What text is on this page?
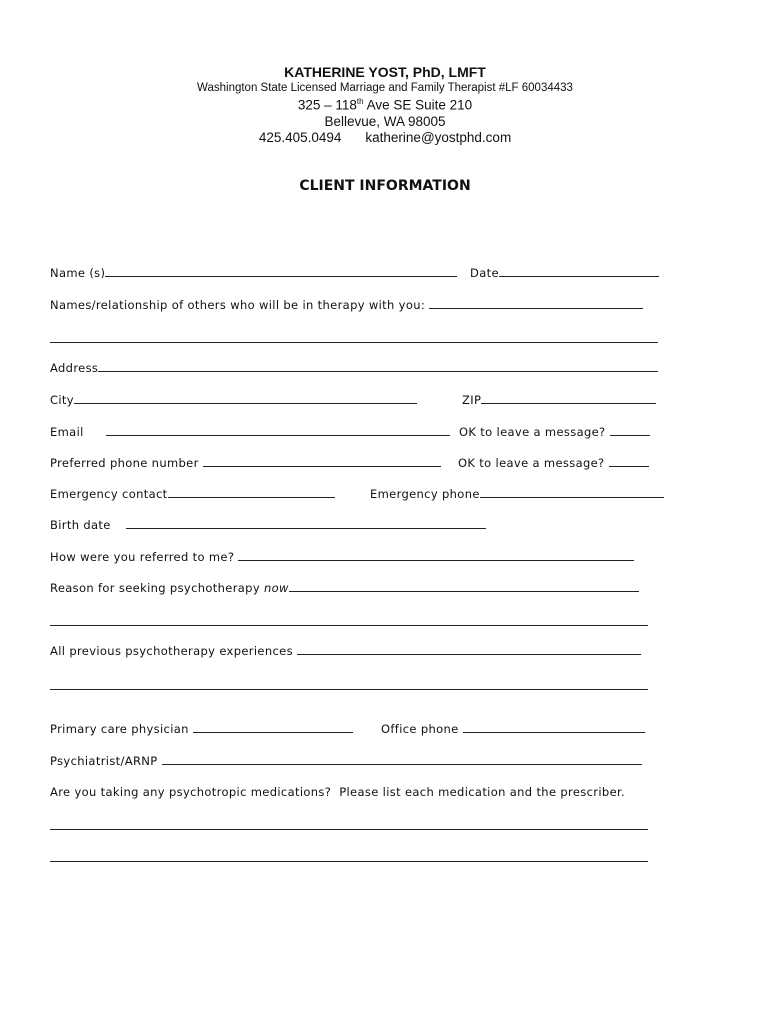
KATHERINE YOST, PhD, LMFT
Washington State Licensed Marriage and Family Therapist #LF 60034433
325 – 118th Ave SE Suite 210
Bellevue, WA 98005
425.405.0494 katherine@yostphd.com
CLIENT INFORMATION
Name (s)	Date
Names/relationship of others who will be in therapy with you:
Address
City	ZIP
Email	OK to leave a message?
Preferred phone number	OK to leave a message?
Emergency contact	Emergency phone
Birth date
How were you referred to me?
Reason for seeking psychotherapy now
All previous psychotherapy experiences
Primary care physician	Office phone
Psychiatrist/ARNP
Are you taking any psychotropic medications?  Please list each medication and the prescriber.
